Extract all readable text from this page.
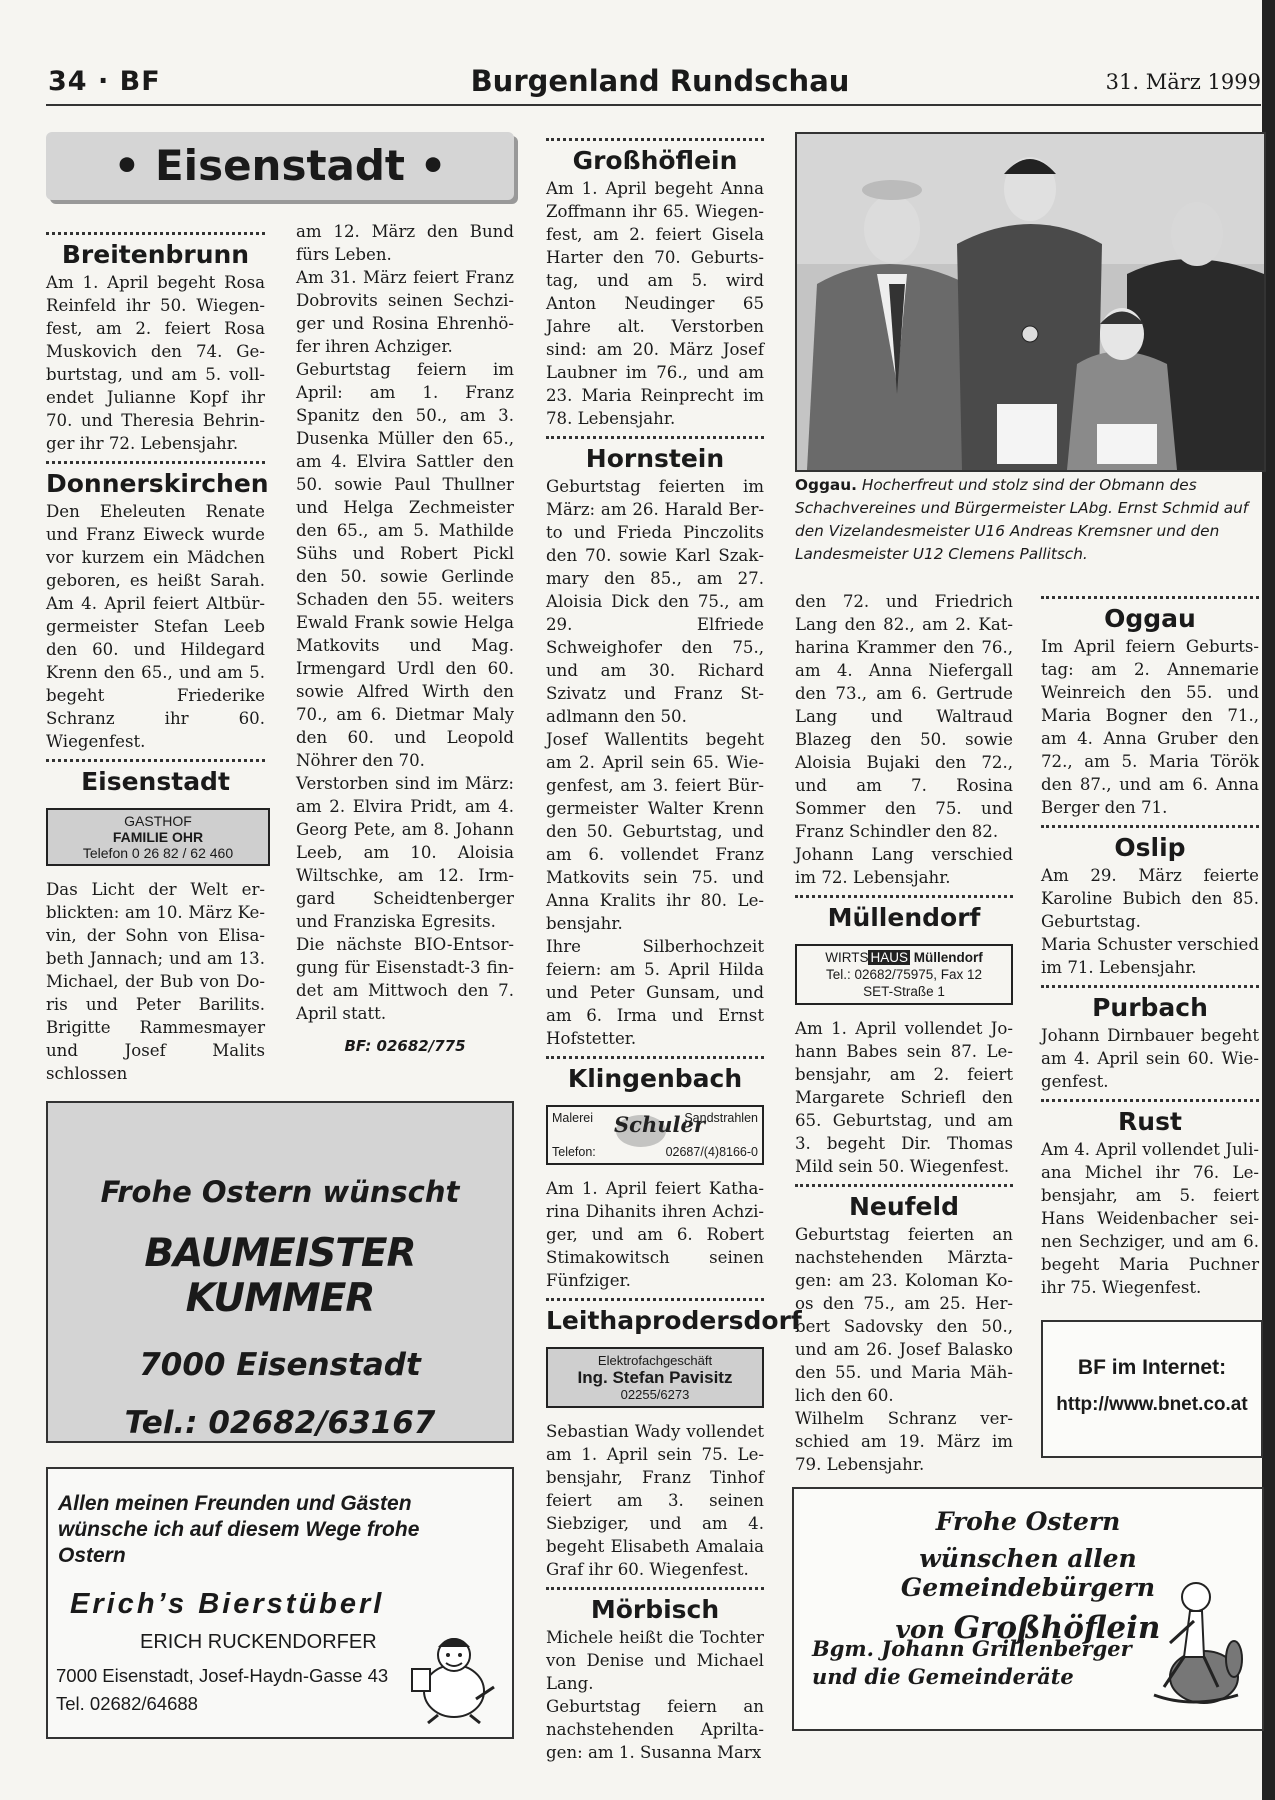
34 · BF	Burgenland Rundschau	31. März 1999
• Eisenstadt •
Breitenbrunn

Am 1. April begeht Rosa Reinfeld ihr 50. Wiegenfest, am 2. feiert Rosa Muskovich den 74. Geburtstag, und am 5. vollendet Julianne Kopf ihr 70. und Theresia Behringer ihr 72. Lebensjahr.

Donnerskirchen

Den Eheleuten Renate und Franz Eiweck wurde vor kurzem ein Mädchen geboren, es heißt Sarah. Am 4. April feiert Altbürgermeister Stefan Leeb den 60. und Hildegard Krenn den 65., und am 5. begeht Friederike Schranz ihr 60. Wiegenfest.

Eisenstadt
GASTHOF
FAMILIE OHR
Telefon 0 26 82 / 62 460

Das Licht der Welt erblickten: am 10. März Kevin, der Sohn von Elisabeth Jannach; und am 13. Michael, der Bub von Doris und Peter Barilits. Brigitte Rammesmayer und Josef Malits schlossen

am 12. März den Bund fürs Leben.

Am 31. März feiert Franz Dobrovits seinen Sechziger und Rosina Ehrenhöfer ihren Achziger.

Geburtstag feiern im April: am 1. Franz Spanitz den 50., am 3. Dusenka Müller den 65., am 4. Elvira Sattler den 50. sowie Paul Thullner und Helga Zechmeister den 65., am 5. Mathilde Sühs und Robert Pickl den 50. sowie Gerlinde Schaden den 55. weiters Ewald Frank sowie Helga Matkovits und Mag. Irmengard Urdl den 60. sowie Alfred Wirth den 70., am 6. Dietmar Maly den 60. und Leopold Nöhrer den 70.

Verstorben sind im März: am 2. Elvira Pridt, am 4. Georg Pete, am 8. Johann Leeb, am 10. Aloisia Wiltschke, am 12. Irmgard Scheidtenberger und Franziska Egresits.

Die nächste BIO-Entsorgung für Eisenstadt-3 findet am Mittwoch den 7. April statt.

BF: 02682/775
Frohe Ostern wünscht
BAUMEISTER KUMMER
7000 Eisenstadt
Tel.: 02682/63167
Allen meinen Freunden und Gästen wünsche ich auf diesem Wege frohe Ostern
Erich’s Bierstüberl
ERICH RUCKENDORFER
7000 Eisenstadt, Josef-Haydn-Gasse 43
Tel. 02682/64688
Großhöflein

Am 1. April begeht Anna Zoffmann ihr 65. Wiegenfest, am 2. feiert Gisela Harter den 70. Geburtstag, und am 5. wird Anton Neudinger 65 Jahre alt. Verstorben sind: am 20. März Josef Laubner im 76., und am 23. Maria Reinprecht im 78. Lebensjahr.

Hornstein

Geburtstag feierten im März: am 26. Harald Berto und Frieda Pinczolits den 70. sowie Karl Szakmary den 85., am 27. Aloisia Dick den 75., am 29. Elfriede Schweighofer den 75., und am 30. Richard Szivatz und Franz Stadlmann den 50.

Josef Wallentits begeht am 2. April sein 65. Wiegenfest, am 3. feiert Bürgermeister Walter Krenn den 50. Geburtstag, und am 6. vollendet Franz Matkovits sein 75. und Anna Kralits ihr 80. Lebensjahr.

Ihre Silberhochzeit feiern: am 5. April Hilda und Peter Gunsam, und am 6. Irma und Ernst Hofstetter.

Klingenbach
Malerei	Sandstrahlen
Schuler
Telefon:	02687/(4)8166-0

Am 1. April feiert Katharina Dihanits ihren Achziger, und am 6. Robert Stimakowitsch seinen Fünfziger.

Leithaprodersdorf
Elektrofachgeschäft
Ing. Stefan Pavisitz
02255/6273

Sebastian Wady vollendet am 1. April sein 75. Lebensjahr, Franz Tinhof feiert am 3. seinen Siebziger, und am 4. begeht Elisabeth Amalaia Graf ihr 60. Wiegenfest.

Mörbisch

Michele heißt die Tochter von Denise und Michael Lang.

Geburtstag feiern an nachstehenden Apriltagen: am 1. Susanna Marx

Oggau. Hocherfreut und stolz sind der Obmann des Schachvereines und Bürgermeister LAbg. Ernst Schmid auf den Vizelandesmeister U16 Andreas Kremsner und den Landesmeister U12 Clemens Pallitsch.

den 72. und Friedrich Lang den 82., am 2. Katharina Krammer den 76., am 4. Anna Niefergall den 73., am 6. Gertrude Lang und Waltraud Blazeg den 50. sowie Aloisia Bujaki den 72., und am 7. Rosina Sommer den 75. und Franz Schindler den 82.

Johann Lang verschied im 72. Lebensjahr.

Müllendorf
WIRTS HAUS Müllendorf
Tel.: 02682/75975, Fax 12
SET-Straße 1

Am 1. April vollendet Johann Babes sein 87. Lebensjahr, am 2. feiert Margarete Schriefl den 65. Geburtstag, und am 3. begeht Dir. Thomas Mild sein 50. Wiegenfest.

Neufeld

Geburtstag feierten an nachstehenden Märztagen: am 23. Koloman Koos den 75., am 25. Herbert Sadovsky den 50., und am 26. Josef Balasko den 55. und Maria Mählich den 60.

Wilhelm Schranz verschied am 19. März im 79. Lebensjahr.

Oggau

Im April feiern Geburtstag: am 2. Annemarie Weinreich den 55. und Maria Bogner den 71., am 4. Anna Gruber den 72., am 5. Maria Török den 87., und am 6. Anna Berger den 71.

Oslip

Am 29. März feierte Karoline Bubich den 85. Geburtstag.

Maria Schuster verschied im 71. Lebensjahr.

Purbach

Johann Dirnbauer begeht am 4. April sein 60. Wiegenfest.

Rust

Am 4. April vollendet Juliana Michel ihr 76. Lebensjahr, am 5. feiert Hans Weidenbacher seinen Sechziger, und am 6. begeht Maria Puchner ihr 75. Wiegenfest.

BF im Internet:
http://www.bnet.co.at
Frohe Ostern
wünschen allen Gemeindebürgern
von Großhöflein
Bgm. Johann Grillenberger
und die Gemeinderäte
